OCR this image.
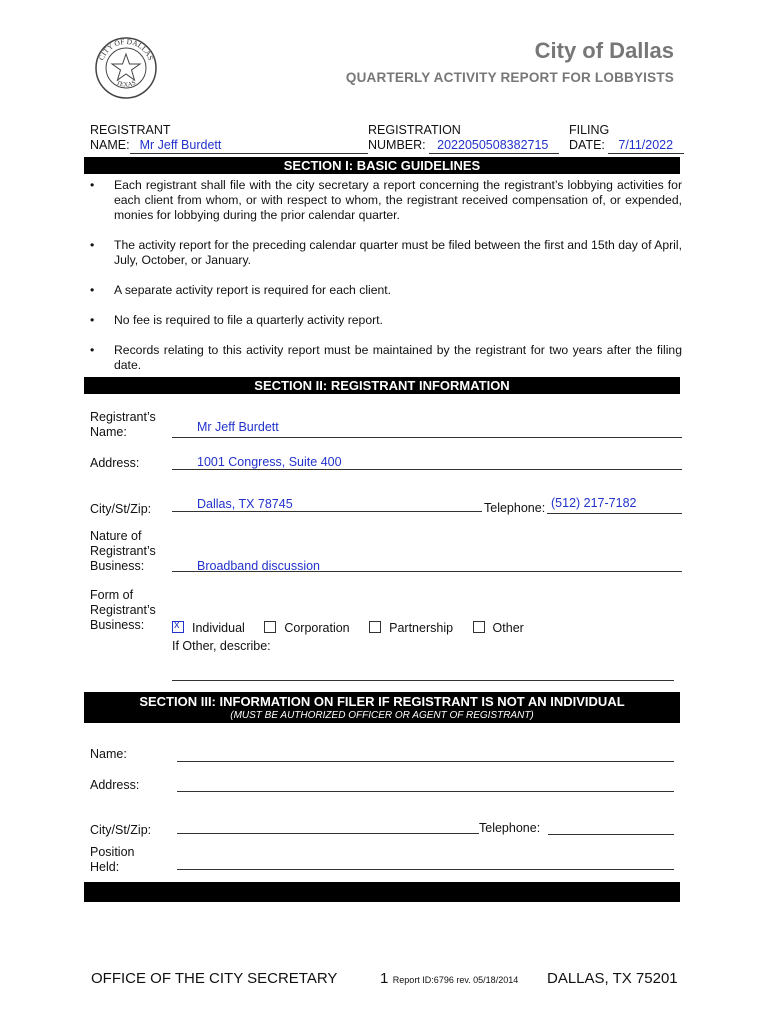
CITY OF DALLAS
TEXAS
City of Dallas
QUARTERLY ACTIVITY REPORT FOR LOBBYISTS
REGISTRANT
NAME: Mr Jeff Burdett
REGISTRATION
NUMBER: 2022050508382715
FILING
DATE: 7/11/2022
SECTION I: BASIC GUIDELINES
• Each registrant shall file with the city secretary a report concerning the registrant’s lobbying activities for each client from whom, or with respect to whom, the registrant received compensation of, or expended, monies for lobbying during the prior calendar quarter.
• The activity report for the preceding calendar quarter must be filed between the first and 15th day of April, July, October, or January.
• A separate activity report is required for each client.
• No fee is required to file a quarterly activity report.
• Records relating to this activity report must be maintained by the registrant for two years after the filing date.
SECTION II: REGISTRANT INFORMATION
Registrant’s Name:	Mr Jeff Burdett
Address:	1001 Congress, Suite 400
City/St/Zip:	Dallas, TX 78745	Telephone: (512) 217-7182
Nature of Registrant’s Business:	Broadband discussion
Form of Registrant’s Business:
x	Individual	Corporation	Partnership	Other
If Other, describe:
SECTION III: INFORMATION ON FILER IF REGISTRANT IS NOT AN INDIVIDUAL
(MUST BE AUTHORIZED OFFICER OR AGENT OF REGISTRANT)
Name:
Address:
City/St/Zip:	Telephone:
Position Held:
OFFICE OF THE CITY SECRETARY	1 Report ID:6796 rev. 05/18/2014 DALLAS, TX 75201
